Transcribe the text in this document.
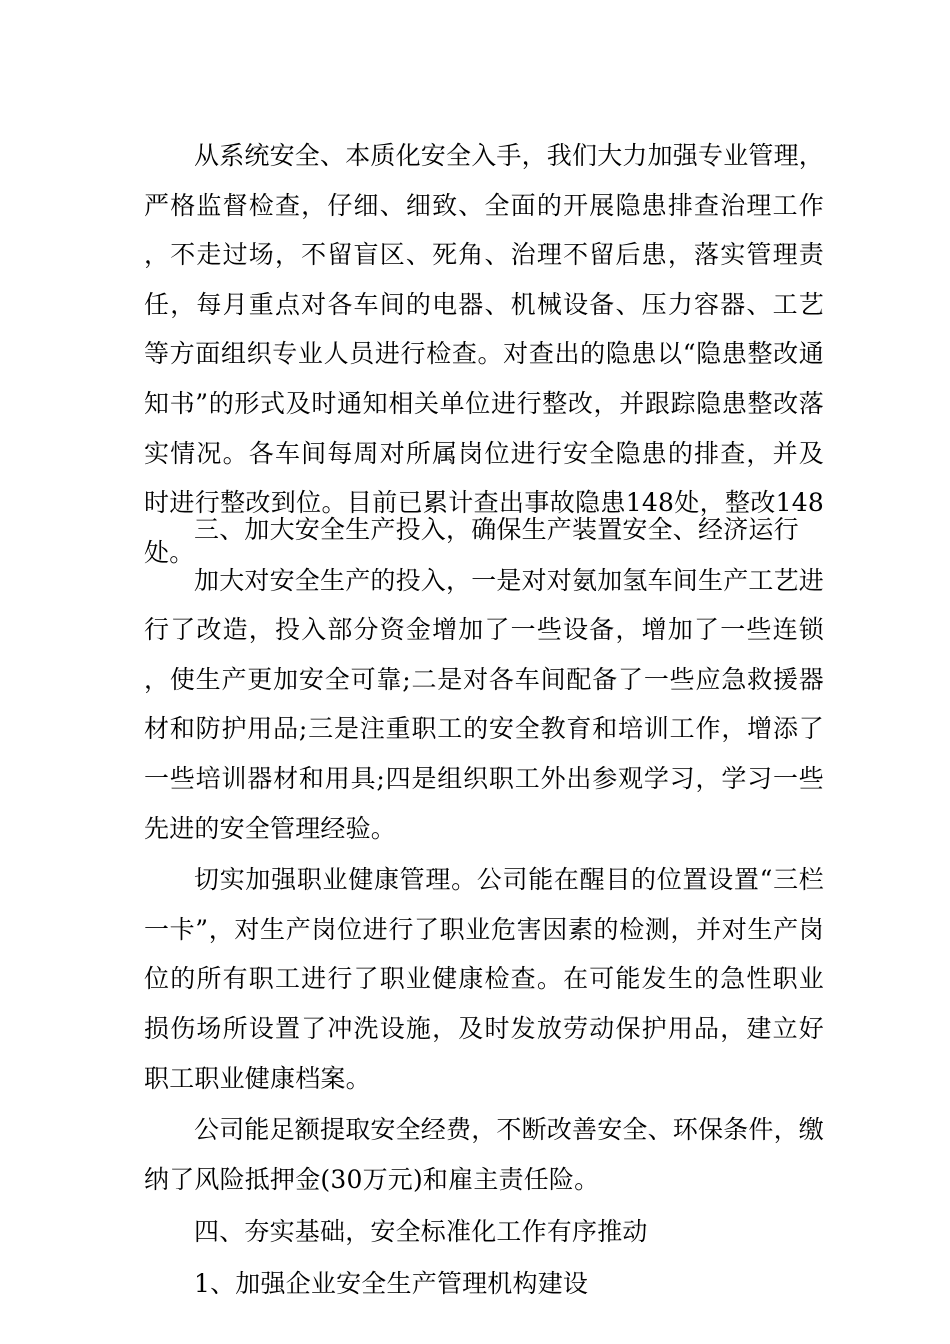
从系统安全、本质化安全入手，我们大力加强专业管理，严格监督检查，仔细、细致、全面的开展隐患排查治理工作，不走过场，不留盲区、死角、治理不留后患，落实管理责任，每月重点对各车间的电器、机械设备、压力容器、工艺等方面组织专业人员进行检查。对查出的隐患以“隐患整改通知书”的形式及时通知相关单位进行整改，并跟踪隐患整改落实情况。各车间每周对所属岗位进行安全隐患的排查，并及时进行整改到位。目前已累计查出事故隐患148处，整改148处。

三、加大安全生产投入，确保生产装置安全、经济运行

加大对安全生产的投入，一是对对氨加氢车间生产工艺进行了改造，投入部分资金增加了一些设备，增加了一些连锁，使生产更加安全可靠;二是对各车间配备了一些应急救援器材和防护用品;三是注重职工的安全教育和培训工作，增添了一些培训器材和用具;四是组织职工外出参观学习，学习一些先进的安全管理经验。

切实加强职业健康管理。公司能在醒目的位置设置“三栏一卡”，对生产岗位进行了职业危害因素的检测，并对生产岗位的所有职工进行了职业健康检查。在可能发生的急性职业损伤场所设置了冲洗设施，及时发放劳动保护用品，建立好职工职业健康档案。

公司能足额提取安全经费，不断改善安全、环保条件，缴纳了风险抵押金(30万元)和雇主责任险。

四、夯实基础，安全标准化工作有序推动

1、加强企业安全生产管理机构建设
